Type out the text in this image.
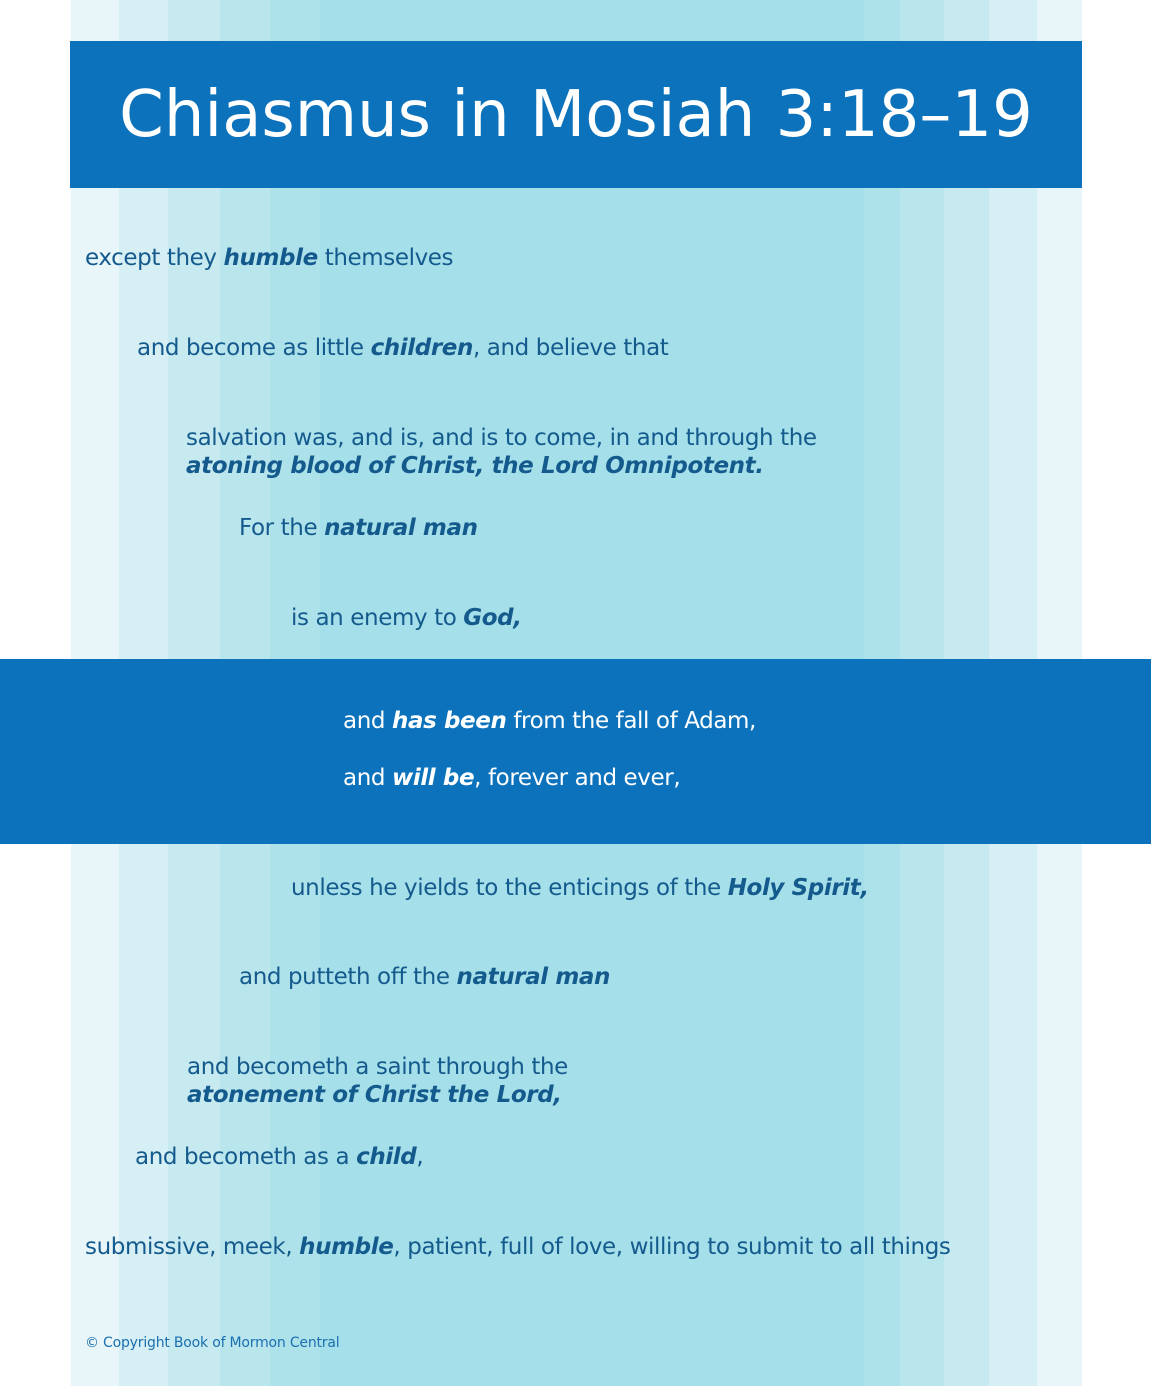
Chiasmus in Mosiah 3:18–19
except they humble themselves
and become as little children, and believe that
salvation was, and is, and is to come, in and through the
atoning blood of Christ, the Lord Omnipotent.
For the natural man
is an enemy to God,
and has been from the fall of Adam,
and will be, forever and ever,
unless he yields to the enticings of the Holy Spirit,
and putteth off the natural man
and becometh a saint through the
atonement of Christ the Lord,
and becometh as a child,
submissive, meek, humble, patient, full of love, willing to submit to all things
© Copyright Book of Mormon Central
